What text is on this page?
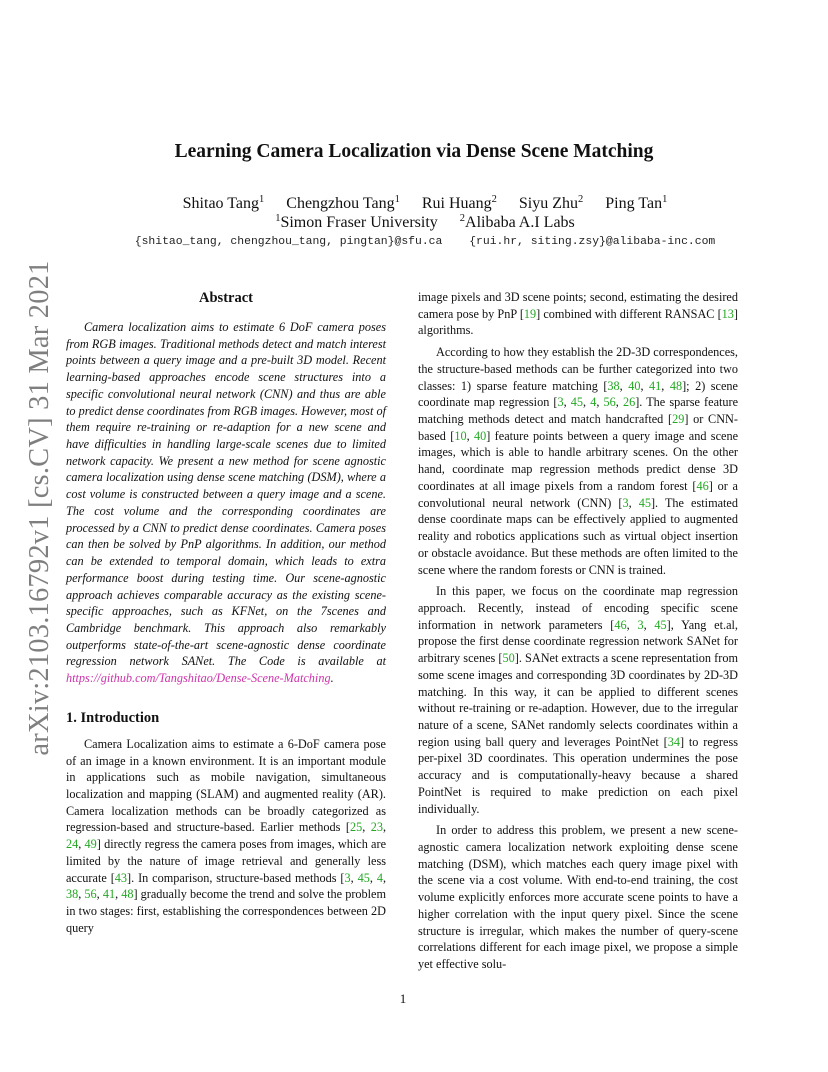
arXiv:2103.16792v1 [cs.CV] 31 Mar 2021
Learning Camera Localization via Dense Scene Matching
Shitao Tang$^1$ Chengzhou Tang$^1$ Rui Huang$^2$ Siyu Zhu$^2$ Ping Tan$^1$
$^1$Simon Fraser University $^2$Alibaba A.I Labs
{shitao_tang, chengzhou_tang, pingtan}@sfu.ca {rui.hr, siting.zsy}@alibaba-inc.com
Abstract

Camera localization aims to estimate 6 DoF camera poses from RGB images. Traditional methods detect and match interest points between a query image and a pre-built 3D model. Recent learning-based approaches encode scene structures into a specific convolutional neural network (CNN) and thus are able to predict dense coordinates from RGB images. However, most of them require re-training or re-adaption for a new scene and have difficulties in handling large-scale scenes due to limited network capacity. We present a new method for scene agnostic camera localization using dense scene matching (DSM), where a cost volume is constructed between a query image and a scene. The cost volume and the corresponding coordinates are processed by a CNN to predict dense coordinates. Camera poses can then be solved by PnP algorithms. In addition, our method can be extended to temporal domain, which leads to extra performance boost during testing time. Our scene-agnostic approach achieves comparable accuracy as the existing scene-specific approaches, such as KFNet, on the 7scenes and Cambridge benchmark. This approach also remarkably outperforms state-of-the-art scene-agnostic dense coordinate regression network SANet. The Code is available at https://github.com/Tangshitao/Dense-Scene-Matching.

1. Introduction

Camera Localization aims to estimate a 6-DoF camera pose of an image in a known environment. It is an important module in applications such as mobile navigation, simultaneous localization and mapping (SLAM) and augmented reality (AR). Camera localization methods can be broadly categorized as regression-based and structure-based. Earlier methods [25, 23, 24, 49] directly regress the camera poses from images, which are limited by the nature of image retrieval and generally less accurate [43]. In comparison, structure-based methods [3, 45, 4, 38, 56, 41, 48] gradually become the trend and solve the problem in two stages: first, establishing the correspondences between 2D query

image pixels and 3D scene points; second, estimating the desired camera pose by PnP [19] combined with different RANSAC [13] algorithms.

According to how they establish the 2D-3D correspondences, the structure-based methods can be further categorized into two classes: 1) sparse feature matching [38, 40, 41, 48]; 2) scene coordinate map regression [3, 45, 4, 56, 26]. The sparse feature matching methods detect and match handcrafted [29] or CNN-based [10, 40] feature points between a query image and scene images, which is able to handle arbitrary scenes. On the other hand, coordinate map regression methods predict dense 3D coordinates at all image pixels from a random forest [46] or a convolutional neural network (CNN) [3, 45]. The estimated dense coordinate maps can be effectively applied to augmented reality and robotics applications such as virtual object insertion or obstacle avoidance. But these methods are often limited to the scene where the random forests or CNN is trained.

In this paper, we focus on the coordinate map regression approach. Recently, instead of encoding specific scene information in network parameters [46, 3, 45], Yang et.al, propose the first dense coordinate regression network SANet for arbitrary scenes [50]. SANet extracts a scene representation from some scene images and corresponding 3D coordinates by 2D-3D matching. In this way, it can be applied to different scenes without re-training or re-adaption. However, due to the irregular nature of a scene, SANet randomly selects coordinates within a region using ball query and leverages PointNet [34] to regress per-pixel 3D coordinates. This operation undermines the pose accuracy and is computationally-heavy because a shared PointNet is required to make prediction on each pixel individually.

In order to address this problem, we present a new scene-agnostic camera localization network exploiting dense scene matching (DSM), which matches each query image pixel with the scene via a cost volume. With end-to-end training, the cost volume explicitly enforces more accurate scene points to have a higher correlation with the input query pixel. Since the scene structure is irregular, which makes the number of query-scene correlations different for each image pixel, we propose a simple yet effective solu-

1
